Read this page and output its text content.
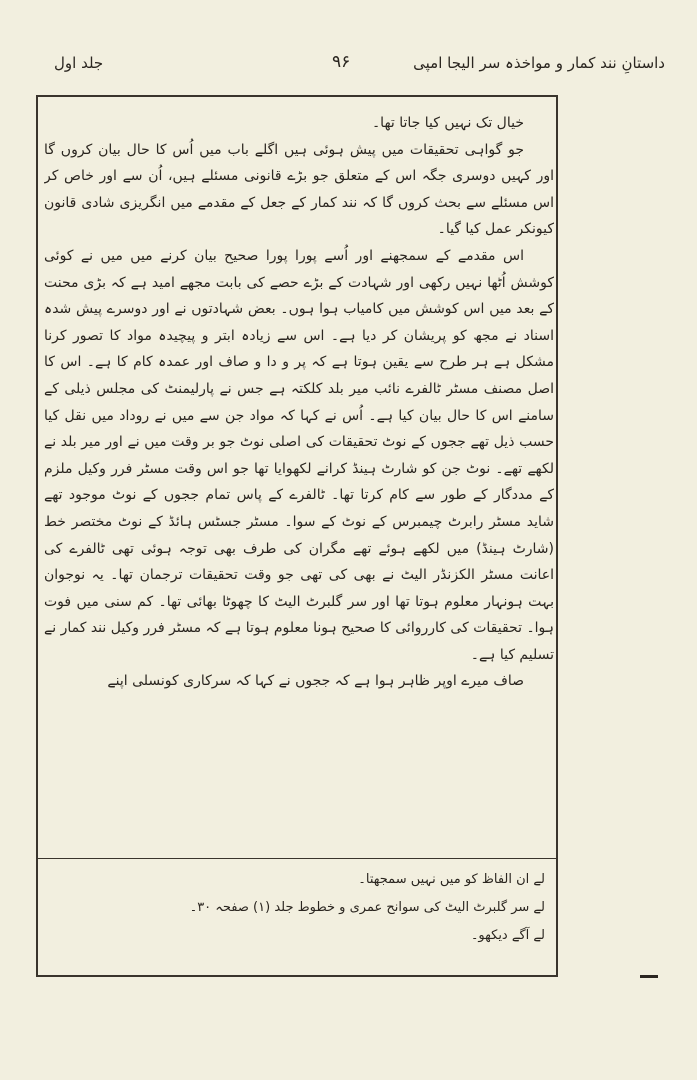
جلد اول	۹۶	داستانِ نند کمار و مواخذہ سر الیجا امپی

خیال تک نہیں کیا جاتا تھا۔

جو گواہی تحقیقات میں پیش ہوئی ہیں اگلے باب میں اُس کا حال بیان کروں گا اور کہیں دوسری جگہ اس کے متعلق جو بڑے قانونی مسئلے ہیں، اُن سے اور خاص کر اس مسئلے سے بحث کروں گا کہ نند کمار کے جعل کے مقدمے میں انگریزی شادی قانون کیونکر عمل کیا گیا۔

اس مقدمے کے سمجھنے اور اُسے پورا پورا صحیح بیان کرنے میں میں نے کوئی کوشش اُٹھا نہیں رکھی اور شہادت کے بڑے حصے کی بابت مجھے امید ہے کہ بڑی محنت کے بعد میں اس کوشش میں کامیاب ہوا ہوں۔ بعض شہادتوں نے اور دوسرے پیش شدہ اسناد نے مجھ کو پریشان کر دیا ہے۔ اس سے زیادہ ابتر و پیچیدہ مواد کا تصور کرنا مشکل ہے ہر طرح سے یقین ہوتا ہے کہ پر و دا و صاف اور عمدہ کام کا ہے۔ اس کا اصل مصنف مسٹر ٹالفرے نائب میر بلد کلکتہ ہے جس نے پارلیمنٹ کی مجلس ذیلی کے سامنے اس کا حال بیان کیا ہے۔ اُس نے کہا کہ مواد جن سے میں نے روداد میں نقل کیا حسب ذیل تھے ججوں کے نوٹ تحقیقات کی اصلی نوٹ جو بر وقت میں نے اور میر بلد نے لکھے تھے۔ نوٹ جن کو شارٹ ہینڈ کرانے لکھوایا تھا جو اس وقت مسٹر فرر وکیل ملزم کے مددگار کے طور سے کام کرتا تھا۔ ٹالفرے کے پاس تمام ججوں کے نوٹ موجود تھے شاید مسٹر رابرٹ چیمبرس کے نوٹ کے سوا۔ مسٹر جسٹس ہائڈ کے نوٹ مختصر خط (شارٹ ہینڈ) میں لکھے ہوئے تھے مگران کی طرف بھی توجہ ہوئی تھی ٹالفرے کی اعانت مسٹر الکزنڈر الیٹ نے بھی کی تھی جو وقت تحقیقات ترجمان تھا۔ یہ نوجوان بہت ہونہار معلوم ہوتا تھا اور سر گلبرٹ الیٹ کا چھوٹا بھائی تھا۔ کم سنی میں فوت ہوا۔ تحقیقات کی کارروائی کا صحیح ہونا معلوم ہوتا ہے کہ مسٹر فرر وکیل نند کمار نے تسلیم کیا ہے۔

صاف میرے اوپر ظاہر ہوا ہے کہ ججوں نے کہا کہ سرکاری کونسلی اپنے

لے ان الفاظ کو میں نہیں سمجھتا۔
لے سر گلبرٹ الیٹ کی سوانح عمری و خطوط جلد (۱) صفحہ ۳۰۔
لے آگے دیکھو۔
